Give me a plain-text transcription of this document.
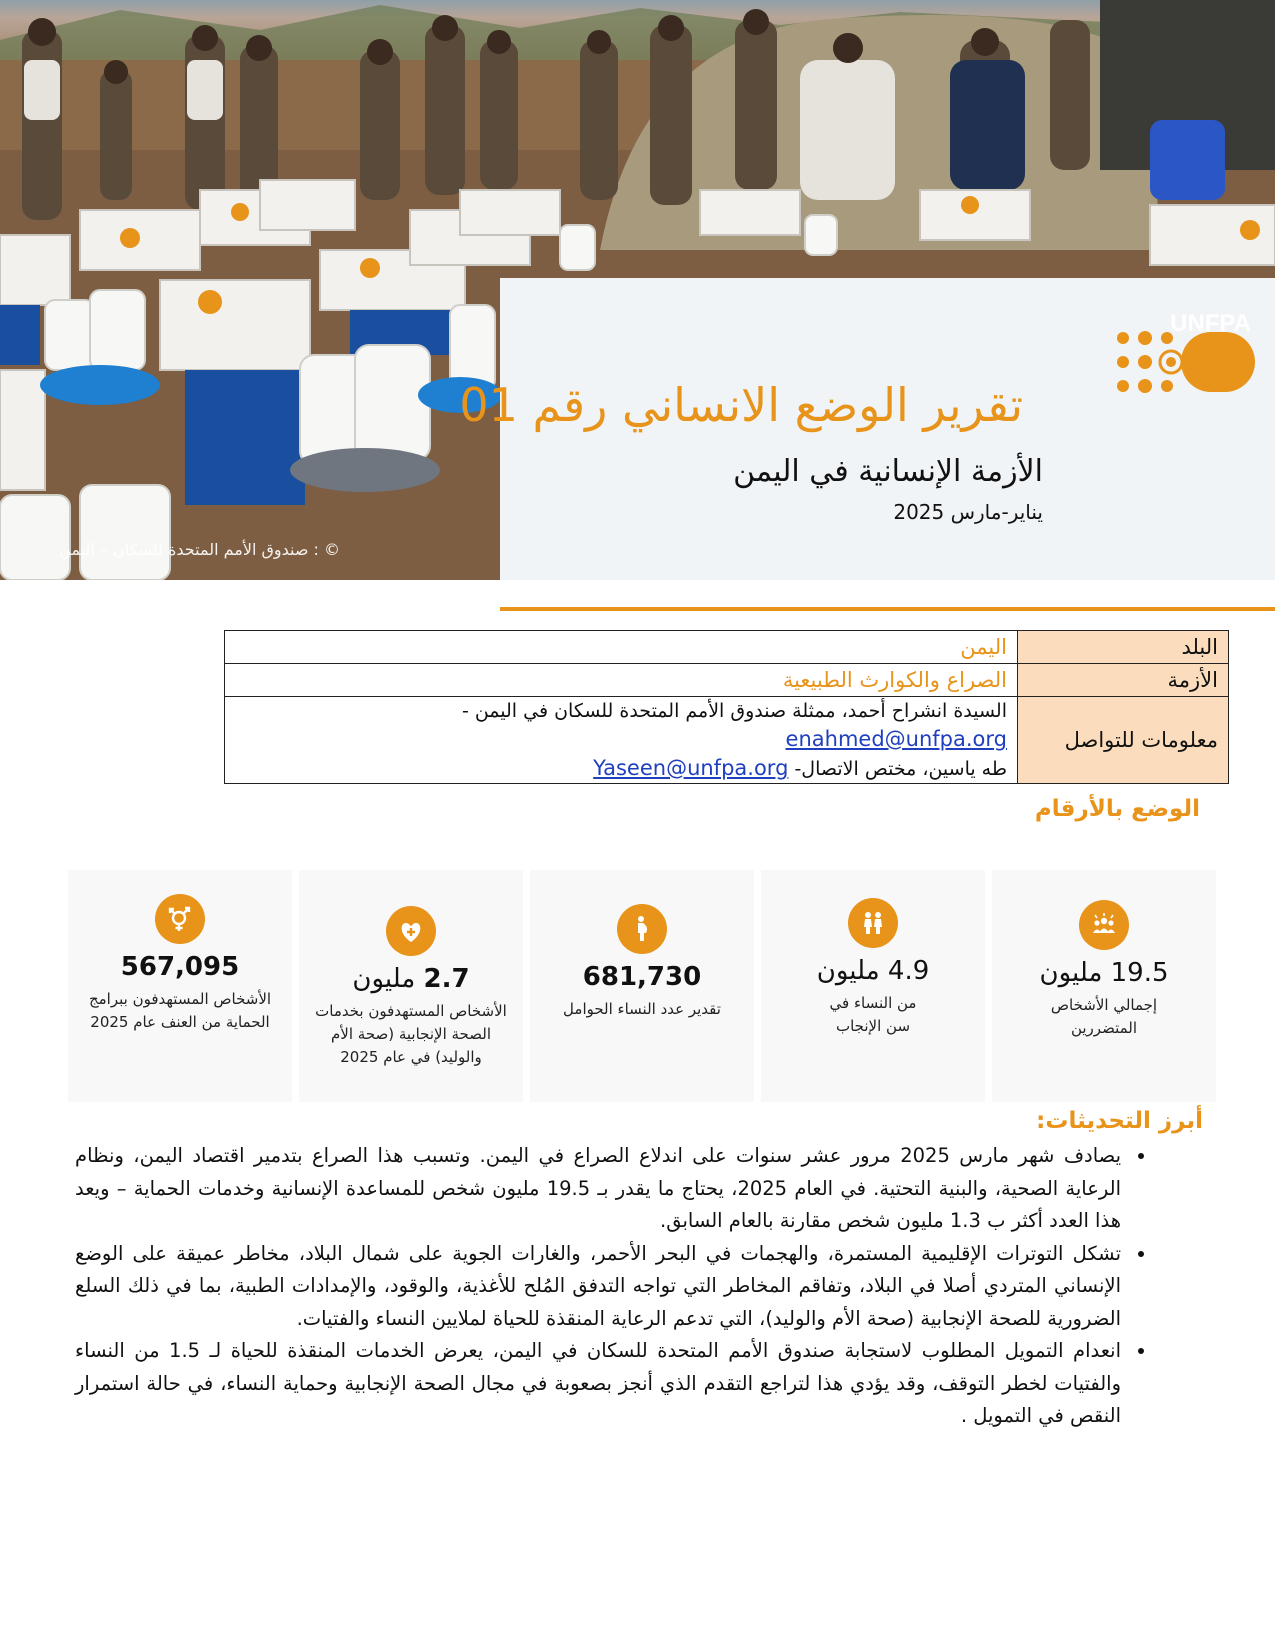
© : صندوق الأمم المتحدة للسكان – اليمن
UNFPA
تقرير الوضع الانساني رقم 01
الأزمة الإنسانية في اليمن
يناير-مارس 2025
البلد	اليمن
الأزمة	الصراع والكوارث الطبيعية
معلومات للتواصل	السيدة انشراح أحمد، ممثلة صندوق الأمم المتحدة للسكان في اليمن - enahmed@unfpa.org
طه ياسين، مختص الاتصال- Yaseen@unfpa.org
الوضع بالأرقام
19.5 مليون
إجمالي الأشخاص
المتضررين
4.9 مليون
من النساء في
سن الإنجاب
681,730
تقدير عدد النساء الحوامل
2.7 مليون
الأشخاص المستهدفون بخدمات
الصحة الإنجابية (صحة الأم
والوليد) في عام 2025
567,095
الأشخاص المستهدفون ببرامج
الحماية من العنف عام 2025
أبرز التحديثات:
• يصادف شهر مارس 2025 مرور عشر سنوات على اندلاع الصراع في اليمن. وتسبب هذا الصراع بتدمير اقتصاد اليمن، ونظام الرعاية الصحية، والبنية التحتية. في العام 2025، يحتاج ما يقدر بـ 19.5 مليون شخص للمساعدة الإنسانية وخدمات الحماية – ويعد هذا العدد أكثر ب 1.3 مليون شخص مقارنة بالعام السابق.
• تشكل التوترات الإقليمية المستمرة، والهجمات في البحر الأحمر، والغارات الجوية على شمال البلاد، مخاطر عميقة على الوضع الإنساني المتردي أصلا في البلاد، وتفاقم المخاطر التي تواجه التدفق المُلح للأغذية، والوقود، والإمدادات الطبية، بما في ذلك السلع الضرورية للصحة الإنجابية (صحة الأم والوليد)، التي تدعم الرعاية المنقذة للحياة لملايين النساء والفتيات.
• انعدام التمويل المطلوب لاستجابة صندوق الأمم المتحدة للسكان في اليمن، يعرض الخدمات المنقذة للحياة لـ 1.5 من النساء والفتيات لخطر التوقف، وقد يؤدي هذا لتراجع التقدم الذي أنجز بصعوبة في مجال الصحة الإنجابية وحماية النساء، في حالة استمرار النقص في التمويل .
